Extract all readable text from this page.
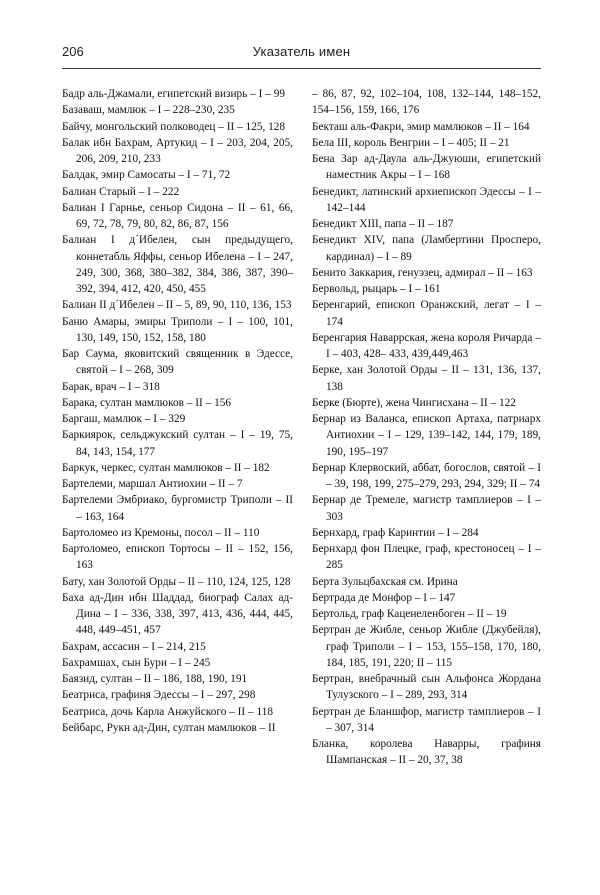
206	Указатель имен

Бадр аль-Джамали, египетский визирь – I – 99

Базаваш, мамлюк – I – 228–230, 235

Байчу, монгольский полководец – II – 125, 128

Балак ибн Бахрам, Артукид – I – 203, 204, 205, 206, 209, 210, 233

Балдак, эмир Самосаты – I – 71, 72

Балиан Старый – I – 222

Балиан I Гарнье, сеньор Сидона – II – 61, 66, 69, 72, 78, 79, 80, 82, 86, 87, 156

Балиан I д´Ибелен, сын предыдущего, коннетабль Яффы, сеньор Ибелена – I – 247, 249, 300, 368, 380–382, 384, 386, 387, 390–392, 394, 412, 420, 450, 455

Балиан II д´Ибелен – II – 5, 89, 90, 110, 136, 153

Баню Амары, эмиры Триполи – I – 100, 101, 130, 149, 150, 152, 158, 180

Бар Саума, яковитский священник в Эдессе, святой – I – 268, 309

Барак, врач – I – 318

Барака, султан мамлюков – II – 156

Баргаш, мамлюк – I – 329

Баркиярок, сельджукский султан – I – 19, 75, 84, 143, 154, 177

Баркук, черкес, султан мамлюков – II – 182

Бартелеми, маршал Антиохии – II – 7

Бартелеми Эмбриако, бургомистр Триполи – II – 163, 164

Бартоломео из Кремоны, посол – II – 110

Бартоломео, епископ Тортосы – II – 152, 156, 163

Бату, хан Золотой Орды – II – 110, 124, 125, 128

Баха ад-Дин ибн Шаддад, биограф Салах ад-Дина – I – 336, 338, 397, 413, 436, 444, 445, 448, 449–451, 457

Бахрам, ассасин – I – 214, 215

Бахрамшах, сын Бури – I – 245

Баязид, султан – II – 186, 188, 190, 191

Беатриса, графиня Эдессы – I – 297, 298

Беатриса, дочь Карла Анжуйского – II – 118

Бейбарс, Рукн ад-Дин, султан мамлюков – II

– 86, 87, 92, 102–104, 108, 132–144, 148–152, 154–156, 159, 166, 176

Бекташ аль-Факри, эмир мамлюков – II – 164

Бела III, король Венгрии – I – 405; II – 21

Бена Зар ад-Даула аль-Джуюши, египетский наместник Акры – I – 168

Бенедикт, латинский архиепископ Эдессы – I – 142–144

Бенедикт XIII, папа – II – 187

Бенедикт XIV, папа (Ламбертини Просперо, кардинал) – I – 89

Бенито Заккария, генуэзец, адмирал – II – 163

Бервольд, рыцарь – I – 161

Беренгарий, епископ Оранжский, легат – I – 174

Беренгария Наваррская, жена короля Ричарда – I – 403, 428– 433, 439,449,463

Берке, хан Золотой Орды – II – 131, 136, 137, 138

Берке (Бюрте), жена Чингисхана – II – 122

Бернар из Валанса, епископ Артаха, патриарх Антиохии – I – 129, 139–142, 144, 179, 189, 190, 195–197

Бернар Клервоский, аббат, богослов, святой – I – 39, 198, 199, 275–279, 293, 294, 329; II – 74

Бернар де Тремеле, магистр тамплиеров – I – 303

Бернхард, граф Каринтии – I – 284

Бернхард фон Плецке, граф, крестоносец – I – 285

Берта Зульцбахская см. Ирина

Бертрада де Монфор – I – 147

Бертольд, граф Каценеленбоген – II – 19

Бертран де Жибле, сеньор Жибле (Джубейля), граф Триполи – I – 153, 155–158, 170, 180, 184, 185, 191, 220; II – 115

Бертран, внебрачный сын Альфонса Жордана Тулузского – I – 289, 293, 314

Бертран де Бланшфор, магистр тамплиеров – I – 307, 314

Бланка, королева Наварры, графиня Шампанская – II – 20, 37, 38
